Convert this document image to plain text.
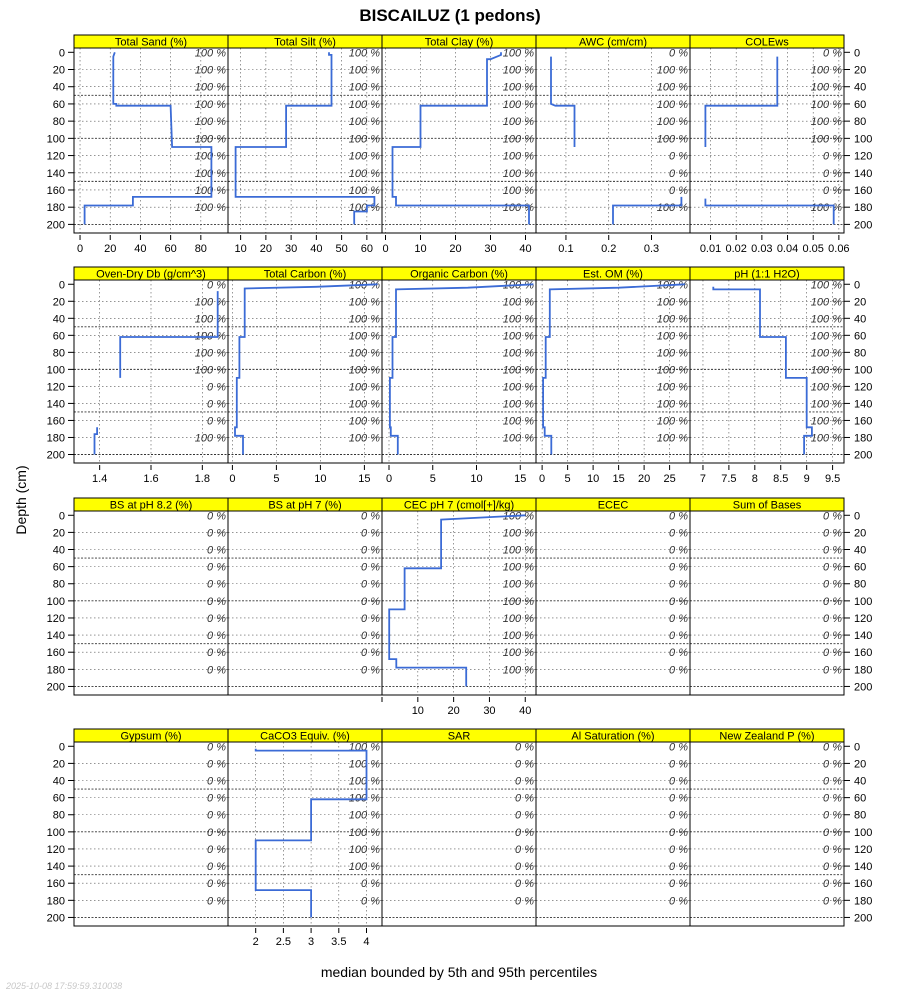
BISCAILUZ (1 pedons)
Depth (cm)
median bounded by 5th and 95th percentiles
2025-10-08 17:59:59.310038
Total Sand (%)
100 %
100 %
100 %
100 %
100 %
100 %
100 %
100 %
100 %
100 %
0 20 40 60 80
Total Silt (%)
100 %
100 %
100 %
100 %
100 %
100 %
100 %
100 %
100 %
100 %
10 20 30 40 50 60
Total Clay (%)
100 %
100 %
100 %
100 %
100 %
100 %
100 %
100 %
100 %
100 %
0 10 20 30 40
AWC (cm/cm)
0 %
100 %
100 %
100 %
100 %
100 %
0 %
0 %
0 %
100 %
0.1 0.2 0.3
COLEws
0 %
100 %
100 %
100 %
100 %
100 %
0 %
0 %
0 %
100 %
0.01 0.02 0.03 0.04 0.05 0.06
Oven-Dry Db (g/cm^3)
0 %
100 %
100 %
100 %
100 %
100 %
0 %
0 %
0 %
100 %
1.4	1.6	1.8
Total Carbon (%)
100 %
100 %
100 %
100 %
100 %
100 %
100 %
100 %
100 %
100 %
0	5	10	15
Organic Carbon (%)
100 %
100 %
100 %
100 %
100 %
100 %
100 %
100 %
100 %
100 %
0	5	10	15
Est. OM (%)
100 %
100 %
100 %
100 %
100 %
100 %
100 %
100 %
100 %
100 %
0 5 10 15 20 25
pH (1:1 H2O)
100 %
100 %
100 %
100 %
100 %
100 %
100 %
100 %
100 %
100 %
7 7.5 8 8.5 9 9.5
BS at pH 8.2 (%)
0 %
0 %
0 %
0 %
0 %
0 %
0 %
0 %
0 %
0 %
BS at pH 7 (%)
0 %
0 %
0 %
0 %
0 %
0 %
0 %
0 %
0 %
0 %
CEC pH 7 (cmol[+]/kg)
100 %
100 %
100 %
100 %
100 %
100 %
100 %
100 %
100 %
100 %
10 20 30 40
ECEC
0 %
0 %
0 %
0 %
0 %
0 %
0 %
0 %
0 %
0 %
Sum of Bases
0 %
0 %
0 %
0 %
0 %
0 %
0 %
0 %
0 %
0 %
Gypsum (%)
0 %
0 %
0 %
0 %
0 %
0 %
0 %
0 %
0 %
0 %
CaCO3 Equiv. (%)
100 %
100 %
100 %
100 %
100 %
100 %
100 %
100 %
0 %
0 %
2 2.5 3 3.5 4
SAR
0 %
0 %
0 %
0 %
0 %
0 %
0 %
0 %
0 %
0 %
Al Saturation (%)
0 %
0 %
0 %
0 %
0 %
0 %
0 %
0 %
0 %
0 %
New Zealand P (%)
0 %
0 %
0 %
0 %
0 %
0 %
0 %
0 %
0 %
0 %
0	0
20	20
40	40
60	60
80	80
100	100
120	120
140	140
160	160
180	180
200	200
0	0
20	20
40	40
60	60
80	80
100	100
120	120
140	140
160	160
180	180
200	200
0	0
20	20
40	40
60	60
80	80
100	100
120	120
140	140
160	160
180	180
200	200
0	0
20	20
40	40
60	60
80	80
100	100
120	120
140	140
160	160
180	180
200	200
